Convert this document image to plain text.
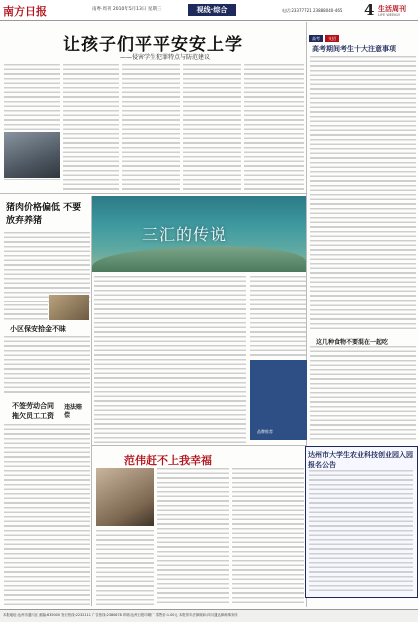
南方日报	南粤·周刊 2010年5月13日 星期三	视线·综合	电话:23377721 23888040-465 4 生活周刊
LIFE WEEKLY
让孩子们平平安安上学
——侵害学生犯罪特点与防范建议
猪肉价格偏低 不要放弃养猪
小区保安拾金不昧
不签劳动合同
拖欠员工工资
违法赔偿
三汇的传说
品牌推荐
范伟赶不上我幸福
高考	支招
高考期间考生十大注意事项
这几种食物不要混在一起吃
达州市大学生农业科技创业园入园报名公告
本报地址:达州市通川区 邮编:635000 发行热线:2232111 广告热线:2380678 印刷:达州日报印刷厂 零售价:1.00元 本报常年法律顾问:四川通达律师事务所
